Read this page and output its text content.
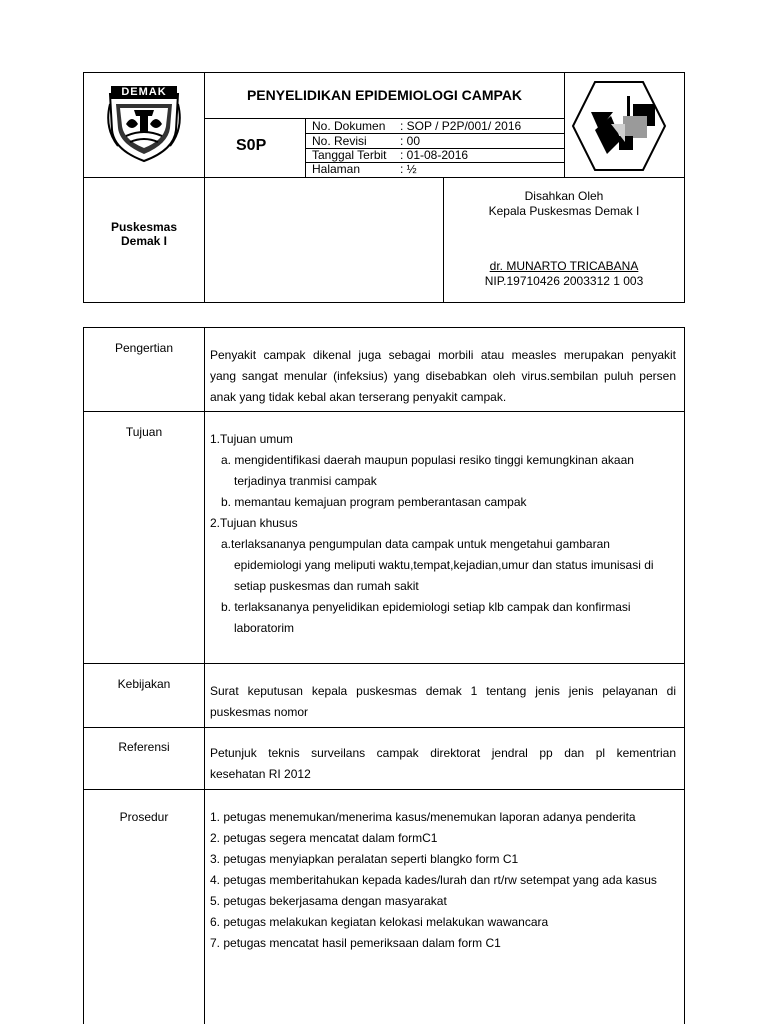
DEMAK	PENYELIDIKAN EPIDEMIOLOGI CAMPAK
S0P
No. Dokumen : SOP / P2P/001/ 2016
No. Revisi	: 00
Tanggal Terbit : 01-08-2016
Halaman	: ½
Puskesmas
Demak I
Disahkan Oleh
Kepala Puskesmas Demak I
dr. MUNARTO TRICABANA
NIP.19710426 2003312 1 003
Pengertian	Penyakit campak dikenal juga sebagai morbili atau measles merupakan penyakit
yang sangat menular (infeksius) yang disebabkan oleh virus.sembilan puluh persen
anak yang tidak kebal akan terserang penyakit campak.
Tujuan	1.Tujuan umum
a. mengidentifikasi daerah maupun populasi resiko tinggi kemungkinan akaan
terjadinya tranmisi campak
b. memantau kemajuan program pemberantasan campak
2.Tujuan khusus
a.terlaksananya pengumpulan data campak untuk mengetahui gambaran
epidemiologi yang meliputi waktu,tempat,kejadian,umur dan status imunisasi di
setiap puskesmas dan rumah sakit
b. terlaksananya penyelidikan epidemiologi setiap klb campak dan konfirmasi
laboratorim
Kebijakan	Surat keputusan kepala puskesmas demak 1 tentang jenis jenis pelayanan di
puskesmas nomor
Referensi	Petunjuk teknis surveilans campak direktorat jendral pp dan pl kementrian
kesehatan RI 2012
Prosedur	1. petugas menemukan/menerima kasus/menemukan laporan adanya penderita
2. petugas segera mencatat dalam formC1
3. petugas menyiapkan peralatan seperti blangko form C1
4. petugas memberitahukan kepada kades/lurah dan rt/rw setempat yang ada kasus
5. petugas bekerjasama dengan masyarakat
6. petugas melakukan kegiatan kelokasi melakukan wawancara
7. petugas mencatat hasil pemeriksaan dalam form C1
